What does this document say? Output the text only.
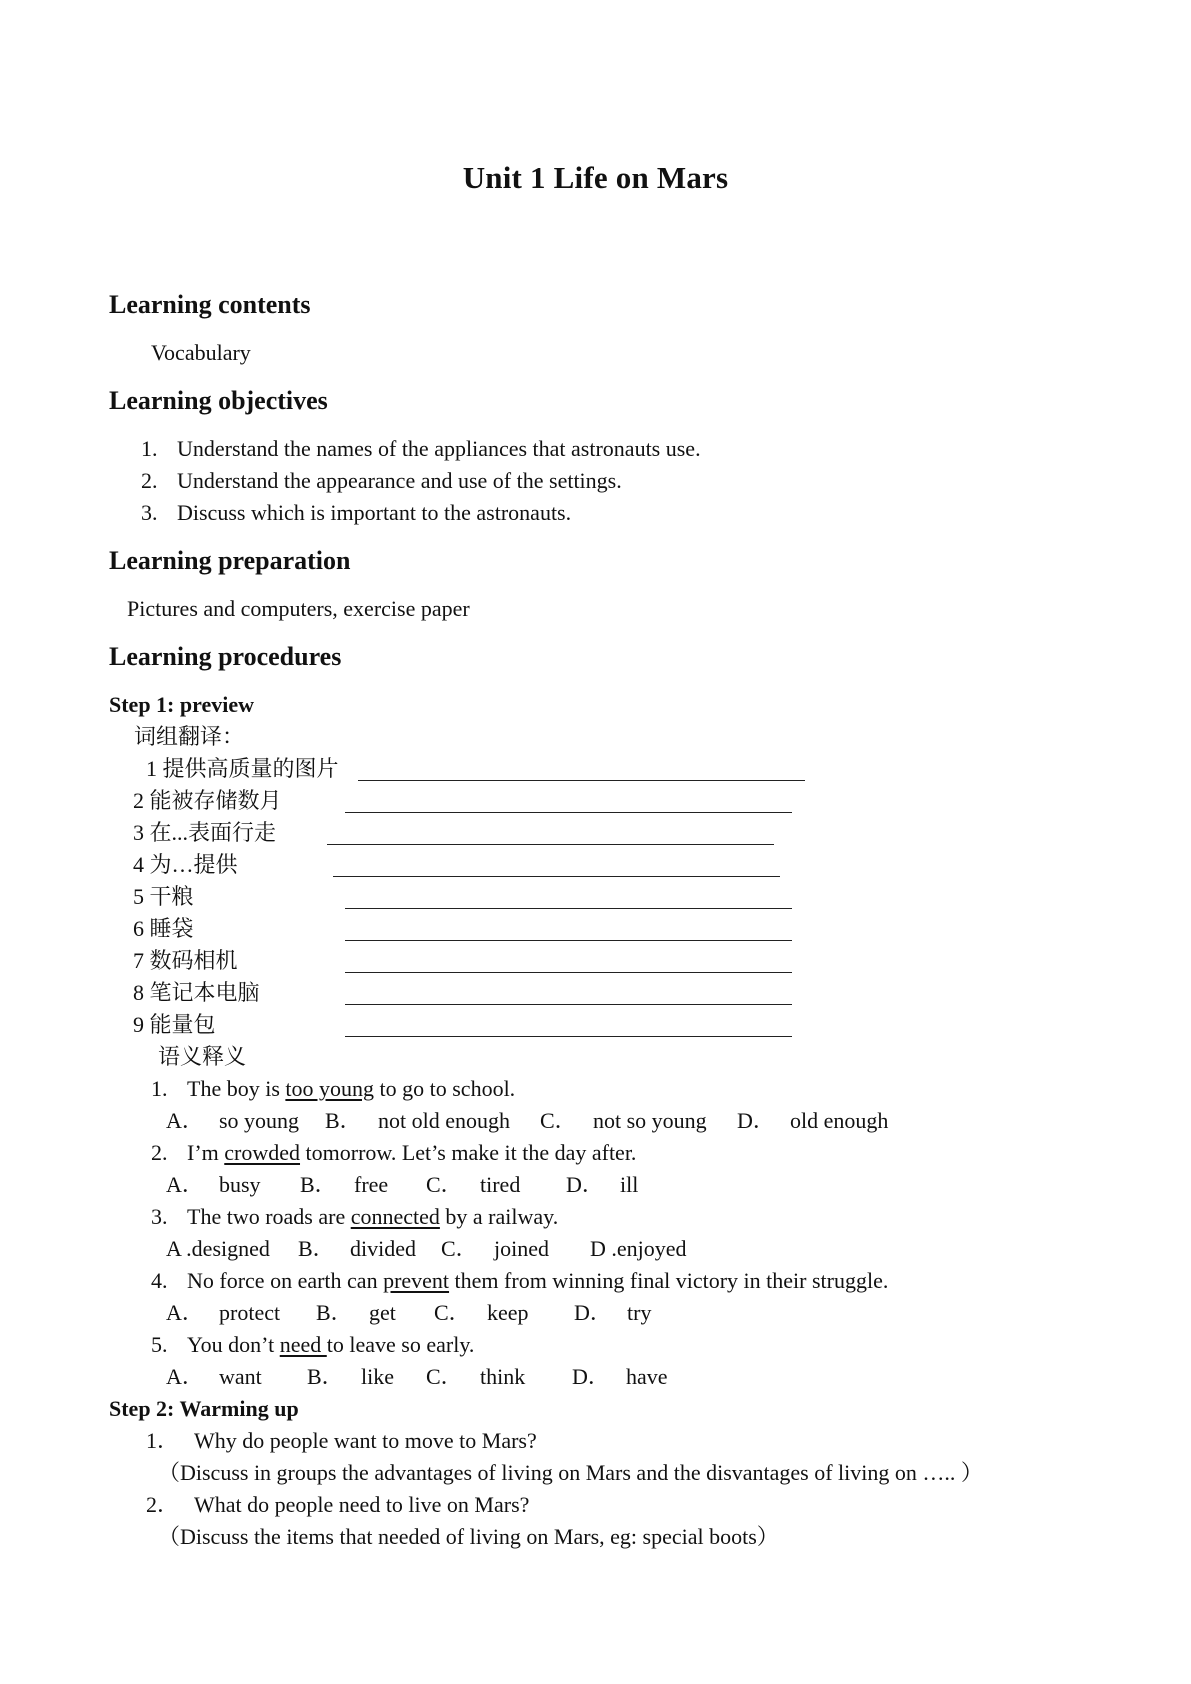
Unit 1 Life on Mars
Learning contents
Vocabulary
Learning objectives
1. Understand the names of the appliances that astronauts use.
2. Understand the appearance and use of the settings.
3. Discuss which is important to the astronauts.
Learning preparation
Pictures and computers, exercise paper
Learning procedures
Step 1: preview
词组翻译：
1 提供高质量的图片
2 能被存储数月
3 在...表面行走
4 为…提供
5 干粮
6 睡袋
7 数码相机
8 笔记本电脑
9 能量包
语义释义
1. The boy is too young to go to school.
A． so young B． not old enough C． not so young D． old enough
2. I’m crowded tomorrow. Let’s make it the day after.
A． busy B． free C． tired D． ill
3. The two roads are connected by a railway.
A .designed B． divided C． joined D .enjoyed
4. No force on earth can prevent them from winning final victory in their struggle.
A． protect B． get C． keep D． try
5. You don’t need to leave so early.
A． want B． like C． think D． have
Step 2: Warming up
1． Why do people want to move to Mars?
（Discuss in groups the advantages of living on Mars and the disvantages of living on ….. ）
2． What do people need to live on Mars?
（Discuss the items that needed of living on Mars, eg: special boots）
